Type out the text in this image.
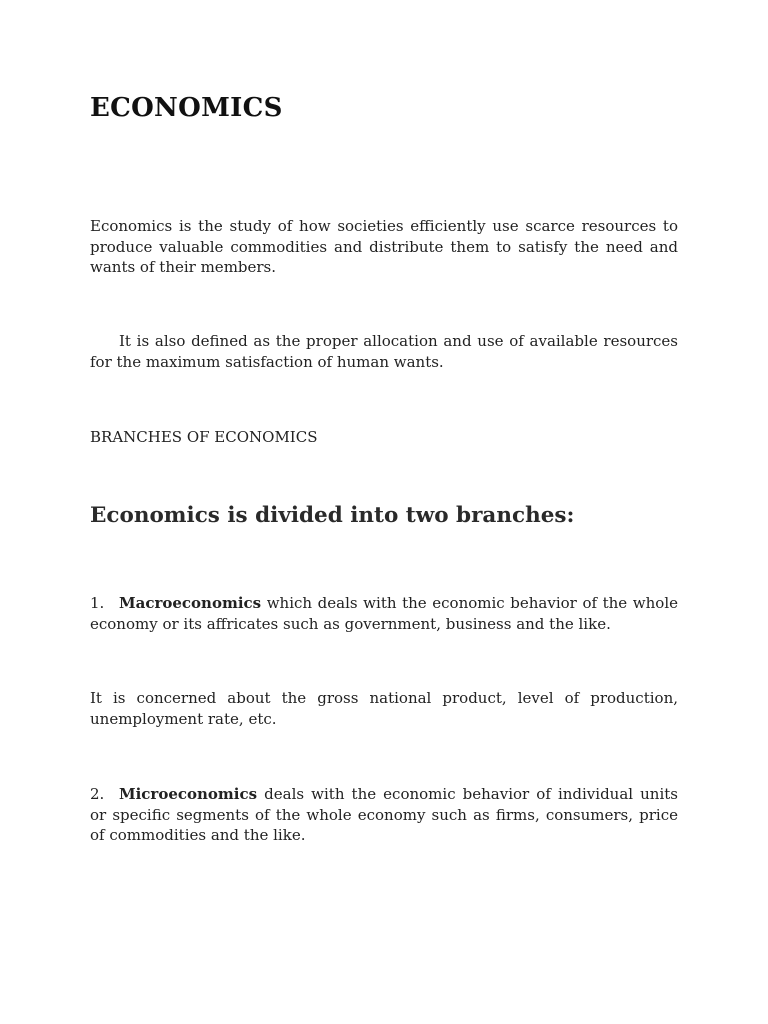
ECONOMICS

Economics is the study of how societies efficiently use scarce resources to produce valuable commodities and distribute them to satisfy the need and wants of their members.

It is also defined as the proper allocation and use of available resources for the maximum satisfaction of human wants.

BRANCHES OF ECONOMICS

Economics is divided into two branches:

1. Macroeconomics which deals with the economic behavior of the whole economy or its affricates such as government, business and the like.

It is concerned about the gross national product, level of production, unemployment rate, etc.

2. Microeconomics deals with the economic behavior of individual units or specific segments of the whole economy such as firms, consumers, price of commodities and the like.
